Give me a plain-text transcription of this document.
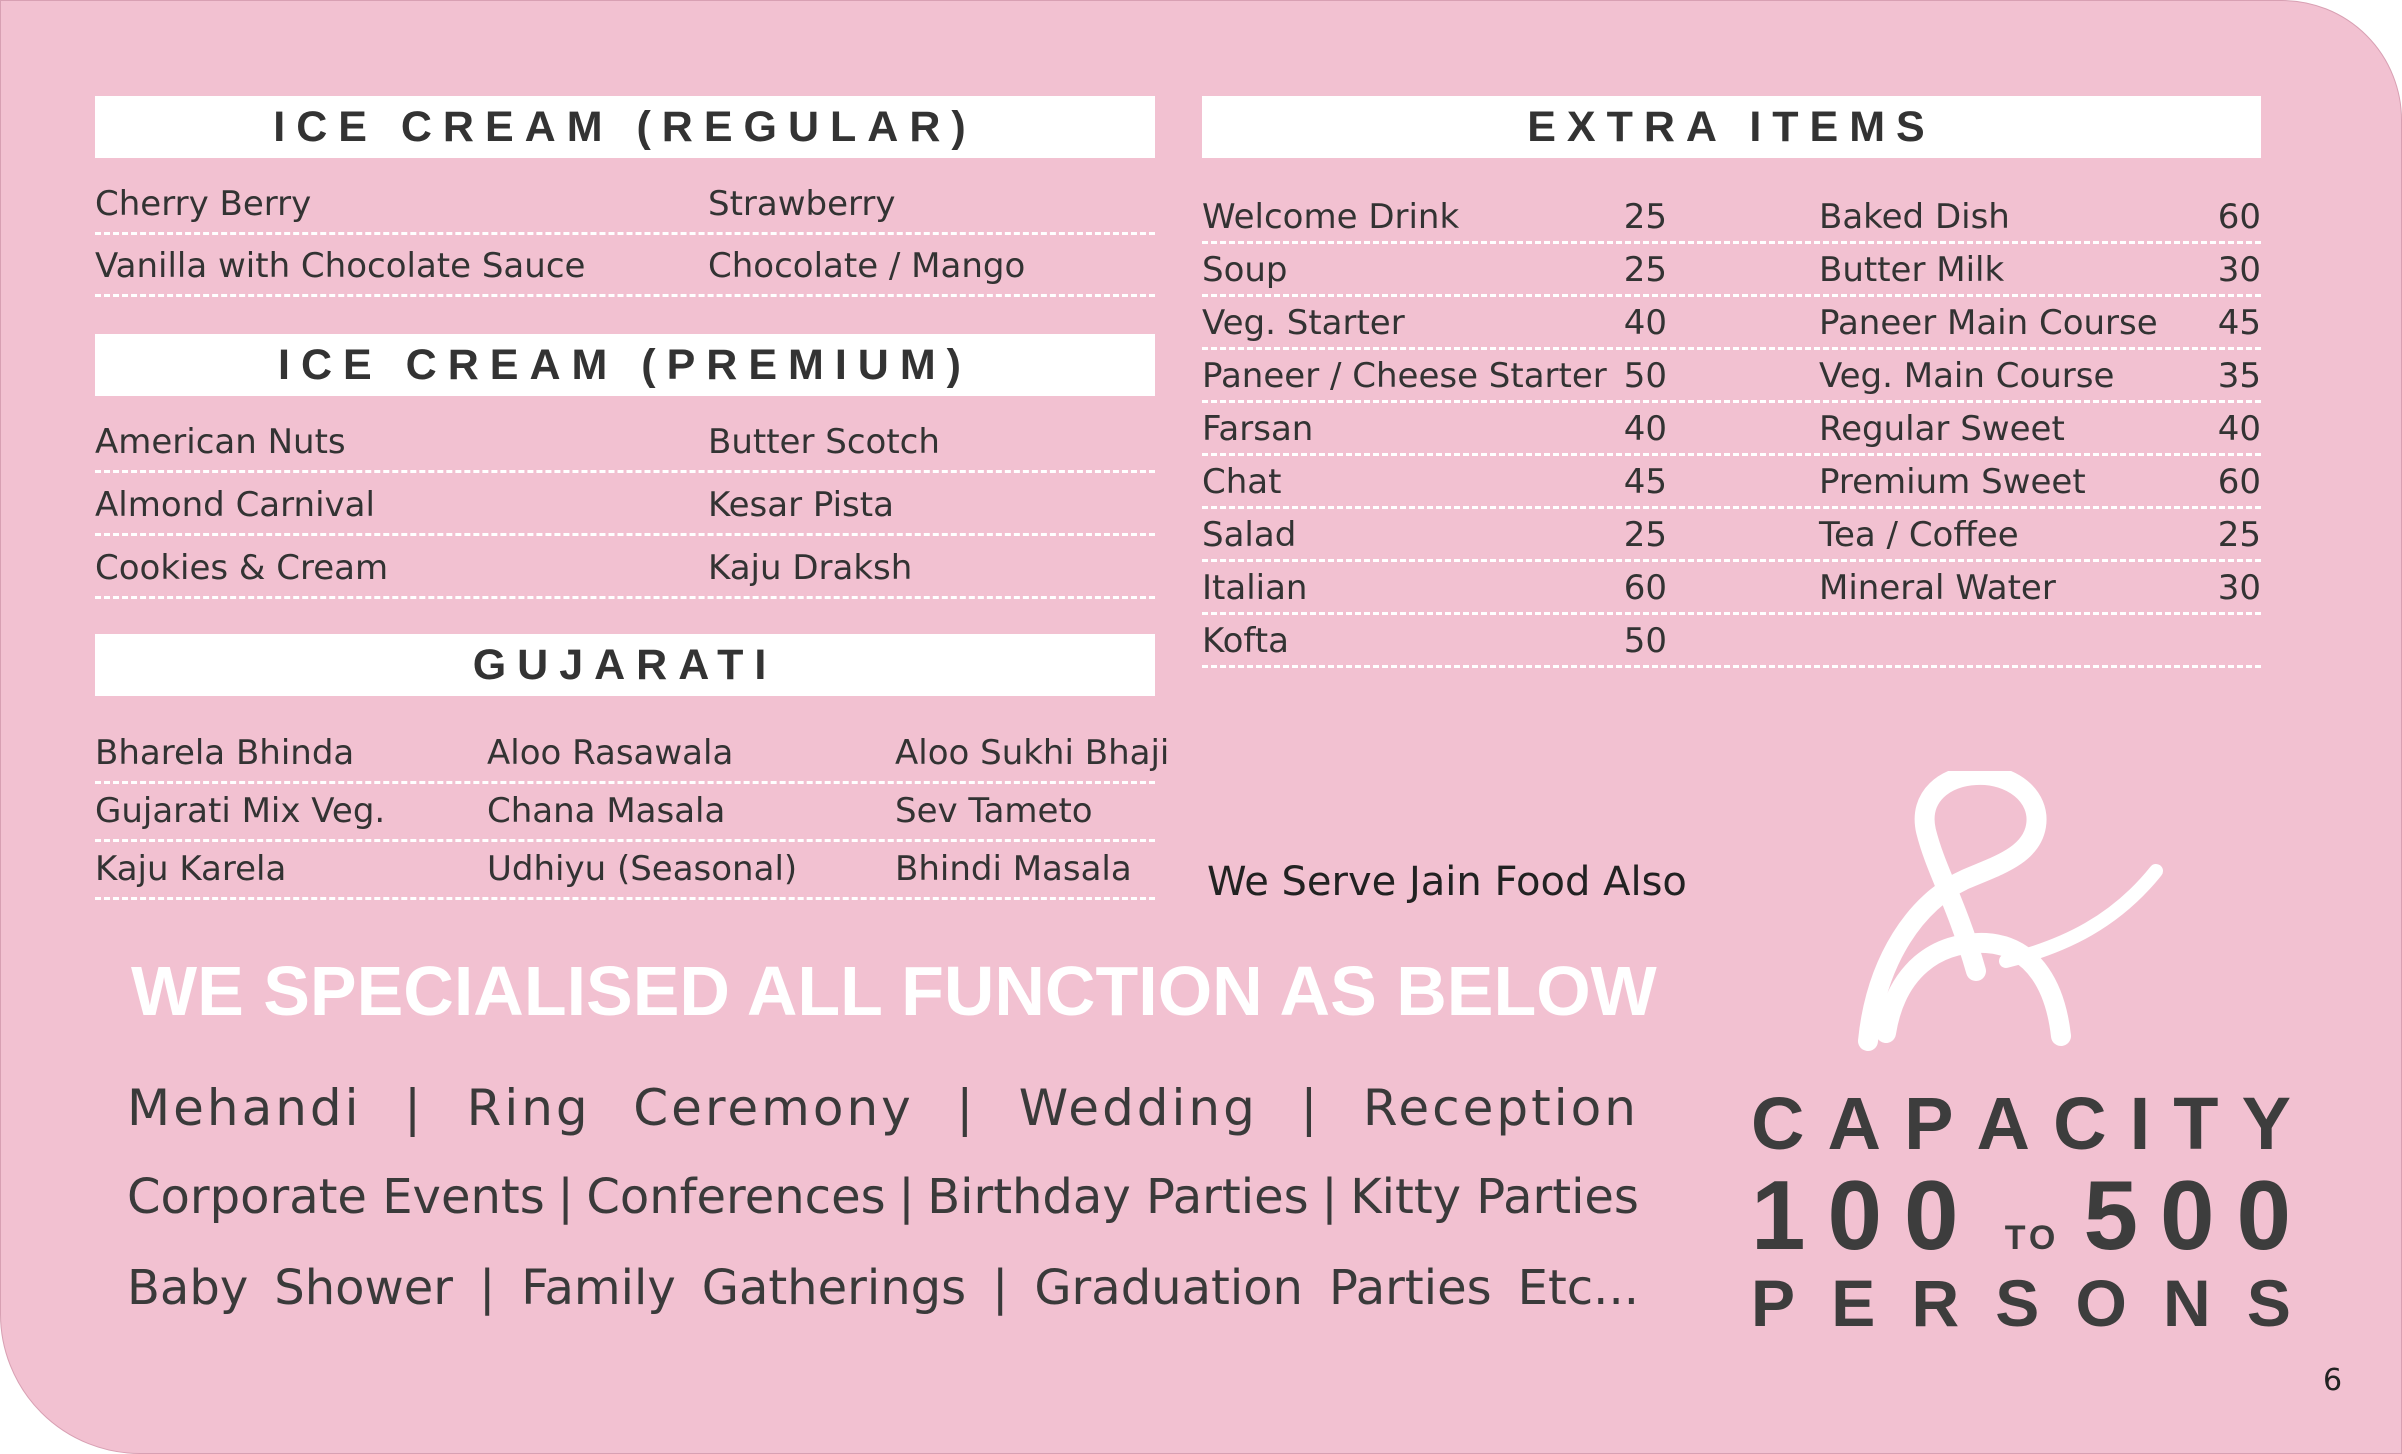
ICE CREAM (REGULAR)
Cherry Berry	Strawberry
Vanilla with Chocolate Sauce	Chocolate / Mango
ICE CREAM (PREMIUM)
American Nuts	Butter Scotch
Almond Carnival	Kesar Pista
Cookies & Cream	Kaju Draksh
GUJARATI
Bharela Bhinda	Aloo Rasawala	Aloo Sukhi Bhaji
Gujarati Mix Veg.	Chana Masala	Sev Tameto
Kaju Karela	Udhiyu (Seasonal)	Bhindi Masala
EXTRA ITEMS
Welcome Drink	25	Baked Dish	60
Soup	25	Butter Milk	30
Veg. Starter	40	Paneer Main Course	45
Paneer / Cheese Starter 50	Veg. Main Course	35
Farsan	40	Regular Sweet	40
Chat	45	Premium Sweet	60
Salad	25	Tea / Coffee	25
Italian	60	Mineral Water	30
Kofta	50
We Serve Jain Food Also
WE SPECIALISED ALL FUNCTION AS BELOW
Mehandi | Ring Ceremony | Wedding | Reception
Corporate Events | Conferences | Birthday Parties | Kitty Parties
Baby Shower | Family Gatherings | Graduation Parties Etc...
C A P A C I T Y
100 TO 500
P E R S O N S
6
